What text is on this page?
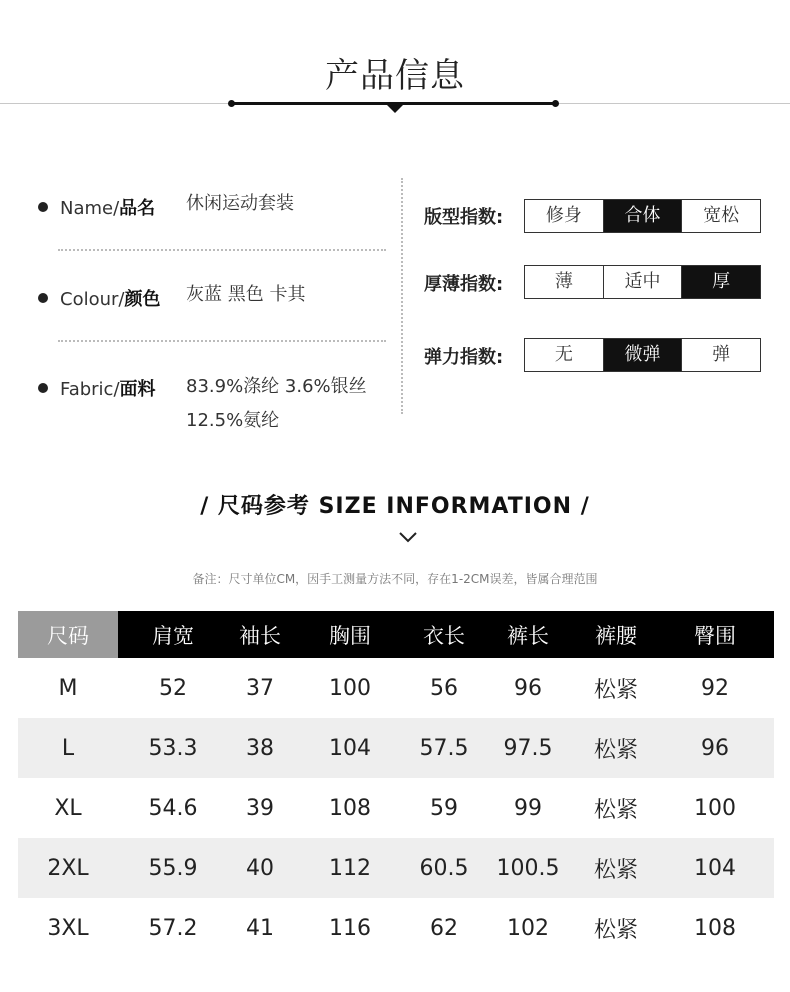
产品信息
Name/品名 休闲运动套装
Colour/颜色 灰蓝 黑色 卡其
Fabric/面料 83.9%涤纶 3.6%银丝
12.5%氨纶
版型指数:	修身	合体	宽松
厚薄指数:	薄	适中	厚
弹力指数:	无	微弹	弹
/ 尺码参考 SIZE INFORMATION /
备注：尺寸单位CM，因手工测量方法不同，存在1-2CM误差，皆属合理范围
尺码	肩宽	袖长	胸围	衣长	裤长	裤腰	臀围
M	52	37	100	56	96	松紧	92
L	53.3	38	104	57.5	97.5	松紧	96
XL	54.6	39	108	59	99	松紧	100
2XL	55.9	40	112	60.5	100.5	松紧	104
3XL	57.2	41	116	62	102	松紧	108
